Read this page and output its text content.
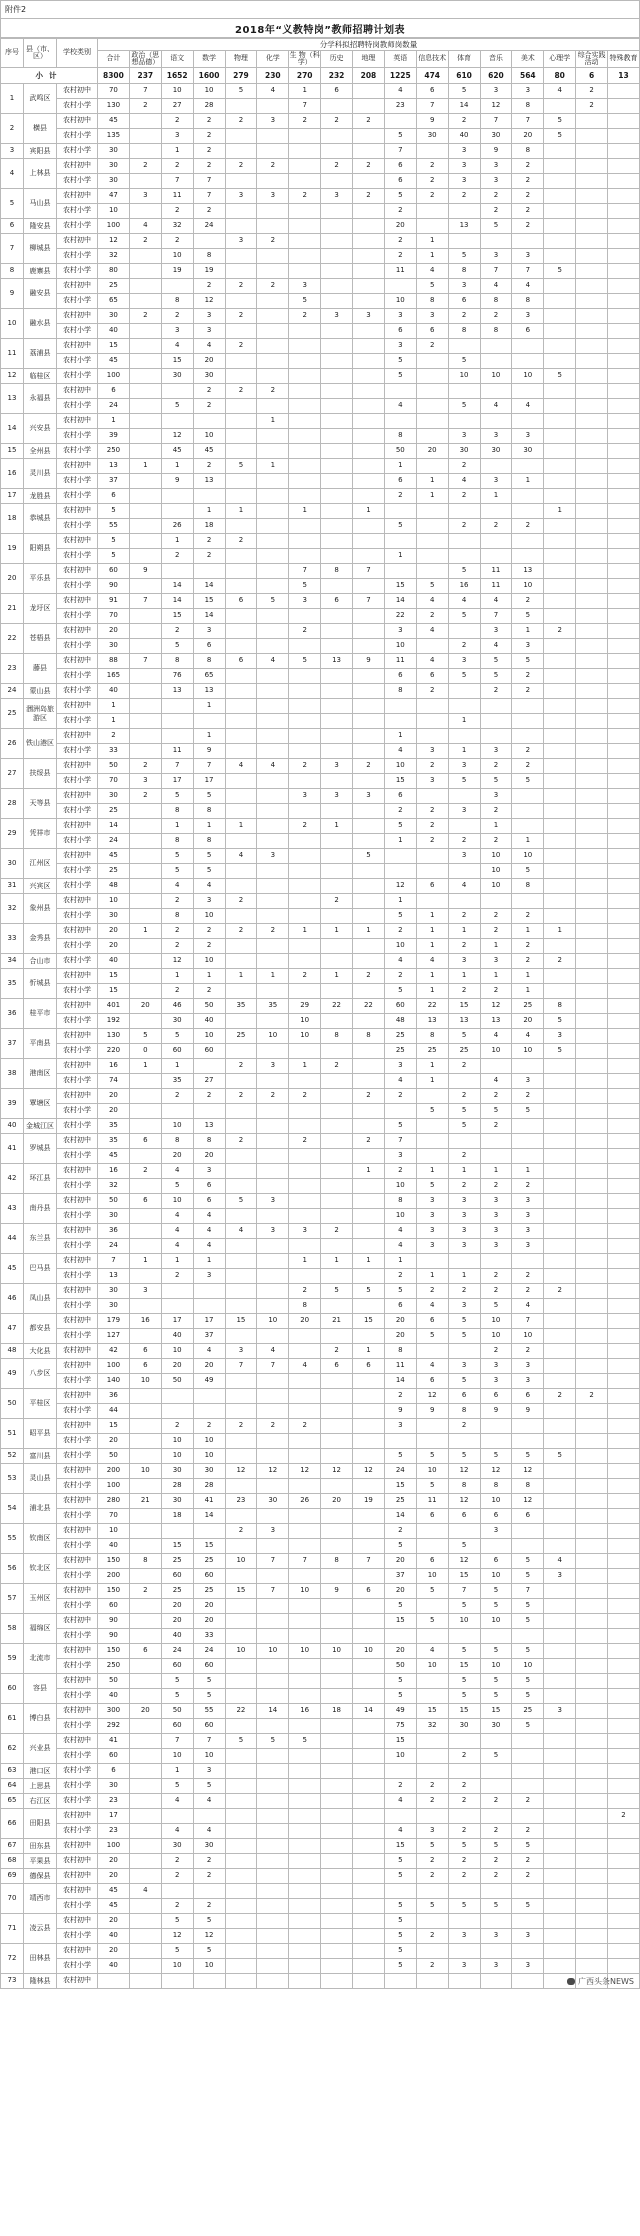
附件2
2018年“义教特岗”教师招聘计划表
序号	县（市、区）	学校类别	分学科拟招聘特岗教师岗数量																
			合计	政治（思想品德）	语文	数学	物理	化学	生 物（科学）	历史	地理	英语	信息技术	体育	音乐	美术	心理学	综合实践活动	特殊教育
小计			8300	237	1652	1600	279	230	270	232	208	1225	474	610	620	564	80	6	13
1	武鸣区	农村初中	70	7	10	10	5	4	1	6		4	6	5	3	3	4	2	
		农村小学	130	2	27	28			7			23	7	14	12	8		2	
2	横县	农村初中	45		2	2	2	3	2	2	2		9	2	7	7	5		
		农村小学	135		3	2						5	30	40	30	20	5		
3	宾阳县	农村小学	30		1	2						7		3	9	8			
4	上林县	农村初中	30	2	2	2	2	2		2	2	6	2	3	3	2			
		农村小学	30		7	7						6	2	3	3	2			
5	马山县	农村初中	47	3	11	7	3	3	2	3	2	5	2	2	2	2			
		农村小学	10		2	2						2			2	2			
6	隆安县	农村小学	100	4	32	24						20		13	5	2			
7	柳城县	农村初中	12	2	2		3	2				2	1						
		农村小学	32		10	8						2	1	5	3	3			
8	鹿寨县	农村小学	80		19	19						11	4	8	7	7	5		
9	融安县	农村初中	25			2	2	2	3				5	3	4	4			
		农村小学	65		8	12			5			10	8	6	8	8			
10	融水县	农村初中	30	2	2	3	2		2	3	3	3	3	2	2	3			
		农村小学	40		3	3						6	6	8	8	6			
11	荔浦县	农村初中	15		4	4	2					3	2						
		农村小学	45		15	20						5		5					
12	临桂区	农村小学	100		30	30						5		10	10	10	5		
13	永福县	农村初中	6			2	2	2											
		农村小学	24		5	2						4		5	4	4			
14	兴安县	农村初中	1					1											
		农村小学	39		12	10						8		3	3	3			
15	全州县	农村小学	250		45	45						50	20	30	30	30			
16	灵川县	农村初中	13	1	1	2	5	1				1		2					
		农村小学	37		9	13						6	1	4	3	1			
17	龙胜县	农村小学	6									2	1	2	1				
18	恭城县	农村初中	5			1	1		1		1						1		
		农村小学	55		26	18						5		2	2	2			
19	阳朔县	农村初中	5		1	2	2												
		农村小学	5		2	2						1							
20	平乐县	农村初中	60	9					7	8	7			5	11	13			
		农村小学	90		14	14			5			15	5	16	11	10			
21	龙圩区	农村初中	91	7	14	15	6	5	3	6	7	14	4	4	4	2			
		农村小学	70		15	14						22	2	5	7	5			
22	苍梧县	农村初中	20		2	3			2			3	4		3	1	2		
		农村小学	30		5	6						10		2	4	3			
23	藤县	农村初中	88	7	8	8	6	4	5	13	9	11	4	3	5	5			
		农村小学	165		76	65						6	6	5	5	2			
24	蒙山县	农村小学	40		13	13						8	2		2	2			
25	涠洲岛旅游区	农村初中	1			1													
		农村小学	1											1					
26	铁山港区	农村初中	2			1						1							
		农村小学	33		11	9						4	3	1	3	2			
27	扶绥县	农村初中	50	2	7	7	4	4	2	3	2	10	2	3	2	2			
		农村小学	70	3	17	17						15	3	5	5	5			
28	天等县	农村初中	30	2	5	5			3	3	3	6			3				
		农村小学	25		8	8						2	2	3	2				
29	凭祥市	农村初中	14		1	1	1		2	1		5	2		1				
		农村小学	24		8	8						1	2	2	2	1			
30	江州区	农村初中	45		5	5	4	3			5			3	10	10			
		农村小学	25		5	5									10	5			
31	兴宾区	农村小学	48		4	4						12	6	4	10	8			
32	象州县	农村初中	10		2	3	2			2		1							
		农村小学	30		8	10						5	1	2	2	2			
33	金秀县	农村初中	20	1	2	2	2	2	1	1	1	2	1	1	2	1	1		
		农村小学	20		2	2						10	1	2	1	2			
34	合山市	农村小学	40		12	10						4	4	3	3	2	2		
35	忻城县	农村初中	15		1	1	1	1	2	1	2	2	1	1	1	1			
		农村小学	15		2	2						5	1	2	2	1			
36	桂平市	农村初中	401	20	46	50	35	35	29	22	22	60	22	15	12	25	8		
		农村小学	192		30	40			10			48	13	13	13	20	5		
37	平南县	农村初中	130	5	5	10	25	10	10	8	8	25	8	5	4	4	3		
		农村小学	220	0	60	60						25	25	25	10	10	5		
38	港南区	农村初中	16	1	1		2	3	1	2		3	1	2					
		农村小学	74		35	27						4	1		4	3			
39	覃塘区	农村初中	20		2	2	2	2	2		2	2		2	2	2			
		农村小学	20										5	5	5	5			
40	金城江区	农村小学	35		10	13						5		5	2				
41	罗城县	农村初中	35	6	8	8	2		2		2	7							
		农村小学	45		20	20						3		2					
42	环江县	农村初中	16	2	4	3					1	2	1	1	1	1			
		农村小学	32		5	6						10	5	2	2	2			
43	南丹县	农村初中	50	6	10	6	5	3				8	3	3	3	3			
		农村小学	30		4	4						10	3	3	3	3			
44	东兰县	农村初中	36		4	4	4	3	3	2		4	3	3	3	3			
		农村小学	24		4	4						4	3	3	3	3			
45	巴马县	农村初中	7	1	1	1			1	1	1	1							
		农村小学	13		2	3						2	1	1	2	2			
46	凤山县	农村初中	30	3					2	5	5	5	2	2	2	2	2		
		农村小学	30						8			6	4	3	5	4			
47	都安县	农村初中	179	16	17	17	15	10	20	21	15	20	6	5	10	7			
		农村小学	127		40	37						20	5	5	10	10			
48	大化县	农村初中	42	6	10	4	3	4		2	1	8			2	2			
49	八步区	农村初中	100	6	20	20	7	7	4	6	6	11	4	3	3	3			
		农村小学	140	10	50	49						14	6	5	3	3			
50	平桂区	农村初中	36									2	12	6	6	6	2	2	
		农村小学	44									9	9	8	9	9			
51	昭平县	农村初中	15		2	2	2	2	2			3		2					
		农村小学	20		10	10													
52	富川县	农村小学	50		10	10						5	5	5	5	5	5		
53	灵山县	农村初中	200	10	30	30	12	12	12	12	12	24	10	12	12	12			
		农村小学	100		28	28						15	5	8	8	8			
54	浦北县	农村初中	280	21	30	41	23	30	26	20	19	25	11	12	10	12			
		农村小学	70		18	14						14	6	6	6	6			
55	钦南区	农村初中	10				2	3				2			3				
		农村小学	40		15	15						5		5					
56	钦北区	农村初中	150	8	25	25	10	7	7	8	7	20	6	12	6	5	4		
		农村小学	200		60	60						37	10	15	10	5	3		
57	玉州区	农村初中	150	2	25	25	15	7	10	9	6	20	5	7	5	7			
		农村小学	60		20	20						5		5	5	5			
58	福绵区	农村初中	90		20	20						15	5	10	10	5			
		农村小学	90		40	33													
59	北流市	农村初中	150	6	24	24	10	10	10	10	10	20	4	5	5	5			
		农村小学	250		60	60						50	10	15	10	10			
60	容县	农村初中	50		5	5						5		5	5	5			
		农村小学	40		5	5						5		5	5	5			
61	博白县	农村初中	300	20	50	55	22	14	16	18	14	49	15	15	15	25	3		
		农村小学	292		60	60						75	32	30	30	5			
62	兴业县	农村初中	41		7	7	5	5	5			15							
		农村小学	60		10	10						10		2	5				
63	港口区	农村小学	6		1	3													
64	上思县	农村小学	30		5	5						2	2	2					
65	右江区	农村小学	23		4	4						4	2	2	2	2			
66	田阳县	农村初中	17																2
		农村小学	23		4	4						4	3	2	2	2			
67	田东县	农村初中	100		30	30						15	5	5	5	5			
68	平果县	农村初中	20		2	2						5	2	2	2	2			
69	德保县	农村初中	20		2	2						5	2	2	2	2			
70	靖西市	农村初中	45	4															
		农村小学	45		2	2						5	5	5	5	5			
71	凌云县	农村初中	20		5	5						5							
		农村小学	40		12	12						5	2	3	3	3			
72	田林县	农村初中	20		5	5						5							
		农村小学	40		10	10						5	2	3	3	3			
73	隆林县	农村初中																		广西头条NEWS
